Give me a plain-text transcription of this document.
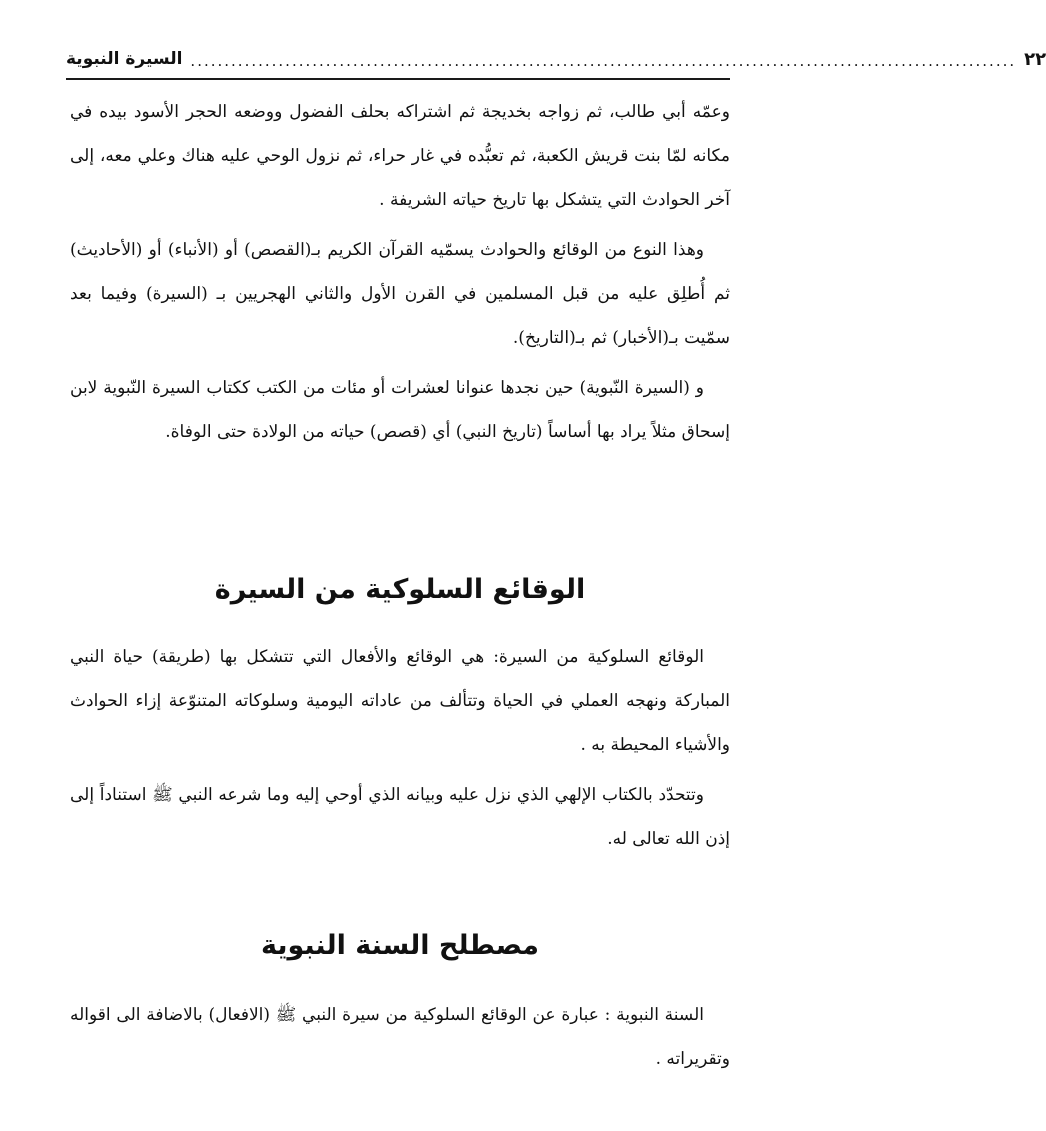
السيرة النبوية .......................................................................................................................... ٢٢

وعمّه أبي طالب، ثم زواجه بخديجة ثم اشتراكه بحلف الفضول ووضعه الحجر الأسود بيده في مكانه لمّا بنت قريش الكعبة، ثم تعبُّده في غار حراء، ثم نزول الوحي عليه هناك وعلي معه، إلى آخر الحوادث التي يتشكل بها تاريخ حياته الشريفة .

وهذا النوع من الوقائع والحوادث يسمّيه القرآن الكريم بـ(القصص) أو (الأنباء) أو (الأحاديث) ثم أُطلِق عليه من قبل المسلمين في القرن الأول والثاني الهجريين بـ (السيرة) وفيما بعد سمّيت بـ(الأخبار) ثم بـ(التاريخ).

و (السيرة النّبوية) حين نجدها عنوانا لعشرات أو مئات من الكتب ككتاب السيرة النّبوية لابن إسحاق مثلاً يراد بها أساساً (تاريخ النبي) أي (قصص) حياته من الولادة حتى الوفاة.

الوقائع السلوكية من السيرة

الوقائع السلوكية من السيرة: هي الوقائع والأفعال التي تتشكل بها (طريقة) حياة النبي المباركة ونهجه العملي في الحياة وتتألف من عاداته اليومية وسلوكاته المتنوّعة إزاء الحوادث والأشياء المحيطة به .

وتتحدّد بالكتاب الإلهي الذي نزل عليه وبيانه الذي أوحي إليه وما شرعه النبي ﷺ استناداً إلى إذن الله تعالى له.

مصطلح السنة النبوية

السنة النبوية : عبارة عن الوقائع السلوكية من سيرة النبي ﷺ (الافعال) بالاضافة الى اقواله وتقريراته .
